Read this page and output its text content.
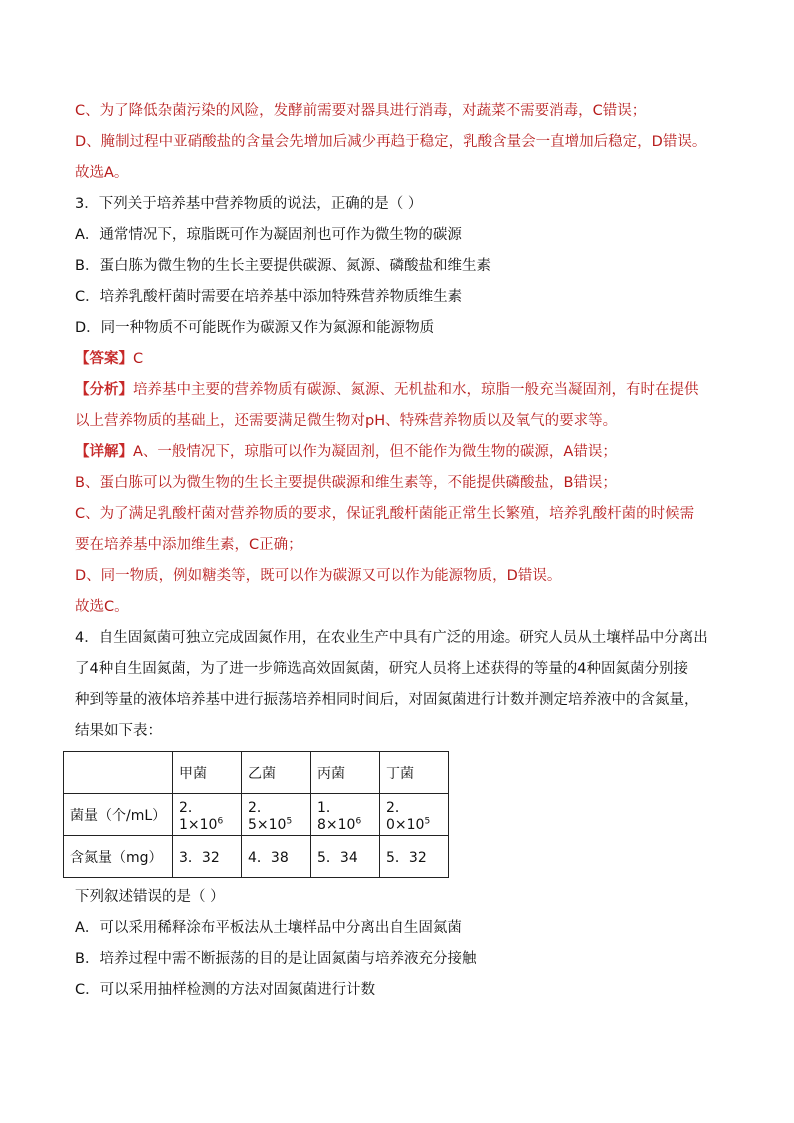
C、为了降低杂菌污染的风险，发酵前需要对器具进行消毒，对蔬菜不需要消毒，C错误；
D、腌制过程中亚硝酸盐的含量会先增加后减少再趋于稳定，乳酸含量会一直增加后稳定，D错误。
故选A。
3．下列关于培养基中营养物质的说法，正确的是（ ）
A．通常情况下，琼脂既可作为凝固剂也可作为微生物的碳源
B．蛋白胨为微生物的生长主要提供碳源、氮源、磷酸盐和维生素
C．培养乳酸杆菌时需要在培养基中添加特殊营养物质维生素
D．同一种物质不可能既作为碳源又作为氮源和能源物质
【答案】C
【分析】培养基中主要的营养物质有碳源、氮源、无机盐和水，琼脂一般充当凝固剂，有时在提供
以上营养物质的基础上，还需要满足微生物对pH、特殊营养物质以及氧气的要求等。
【详解】A、一般情况下，琼脂可以作为凝固剂，但不能作为微生物的碳源，A错误；
B、蛋白胨可以为微生物的生长主要提供碳源和维生素等，不能提供磷酸盐，B错误；
C、为了满足乳酸杆菌对营养物质的要求，保证乳酸杆菌能正常生长繁殖，培养乳酸杆菌的时候需
要在培养基中添加维生素，C正确；
D、同一物质，例如糖类等，既可以作为碳源又可以作为能源物质，D错误。
故选C。
4．自生固氮菌可独立完成固氮作用，在农业生产中具有广泛的用途。研究人员从土壤样品中分离出
了4种自生固氮菌，为了进一步筛选高效固氮菌，研究人员将上述获得的等量的4种固氮菌分别接
种到等量的液体培养基中进行振荡培养相同时间后，对固氮菌进行计数并测定培养液中的含氮量，
结果如下表：
	甲菌	乙菌	丙菌	丁菌
菌量（个/mL）	2．$1\times 10^6$	2．$5\times 10^5$	1．$8\times 10^6$	2．$0\times 10^5$
含氮量（mg）	3．32	4．38	5．34	5．32
下列叙述错误的是（ ）
A．可以采用稀释涂布平板法从土壤样品中分离出自生固氮菌
B．培养过程中需不断振荡的目的是让固氮菌与培养液充分接触
C．可以采用抽样检测的方法对固氮菌进行计数
